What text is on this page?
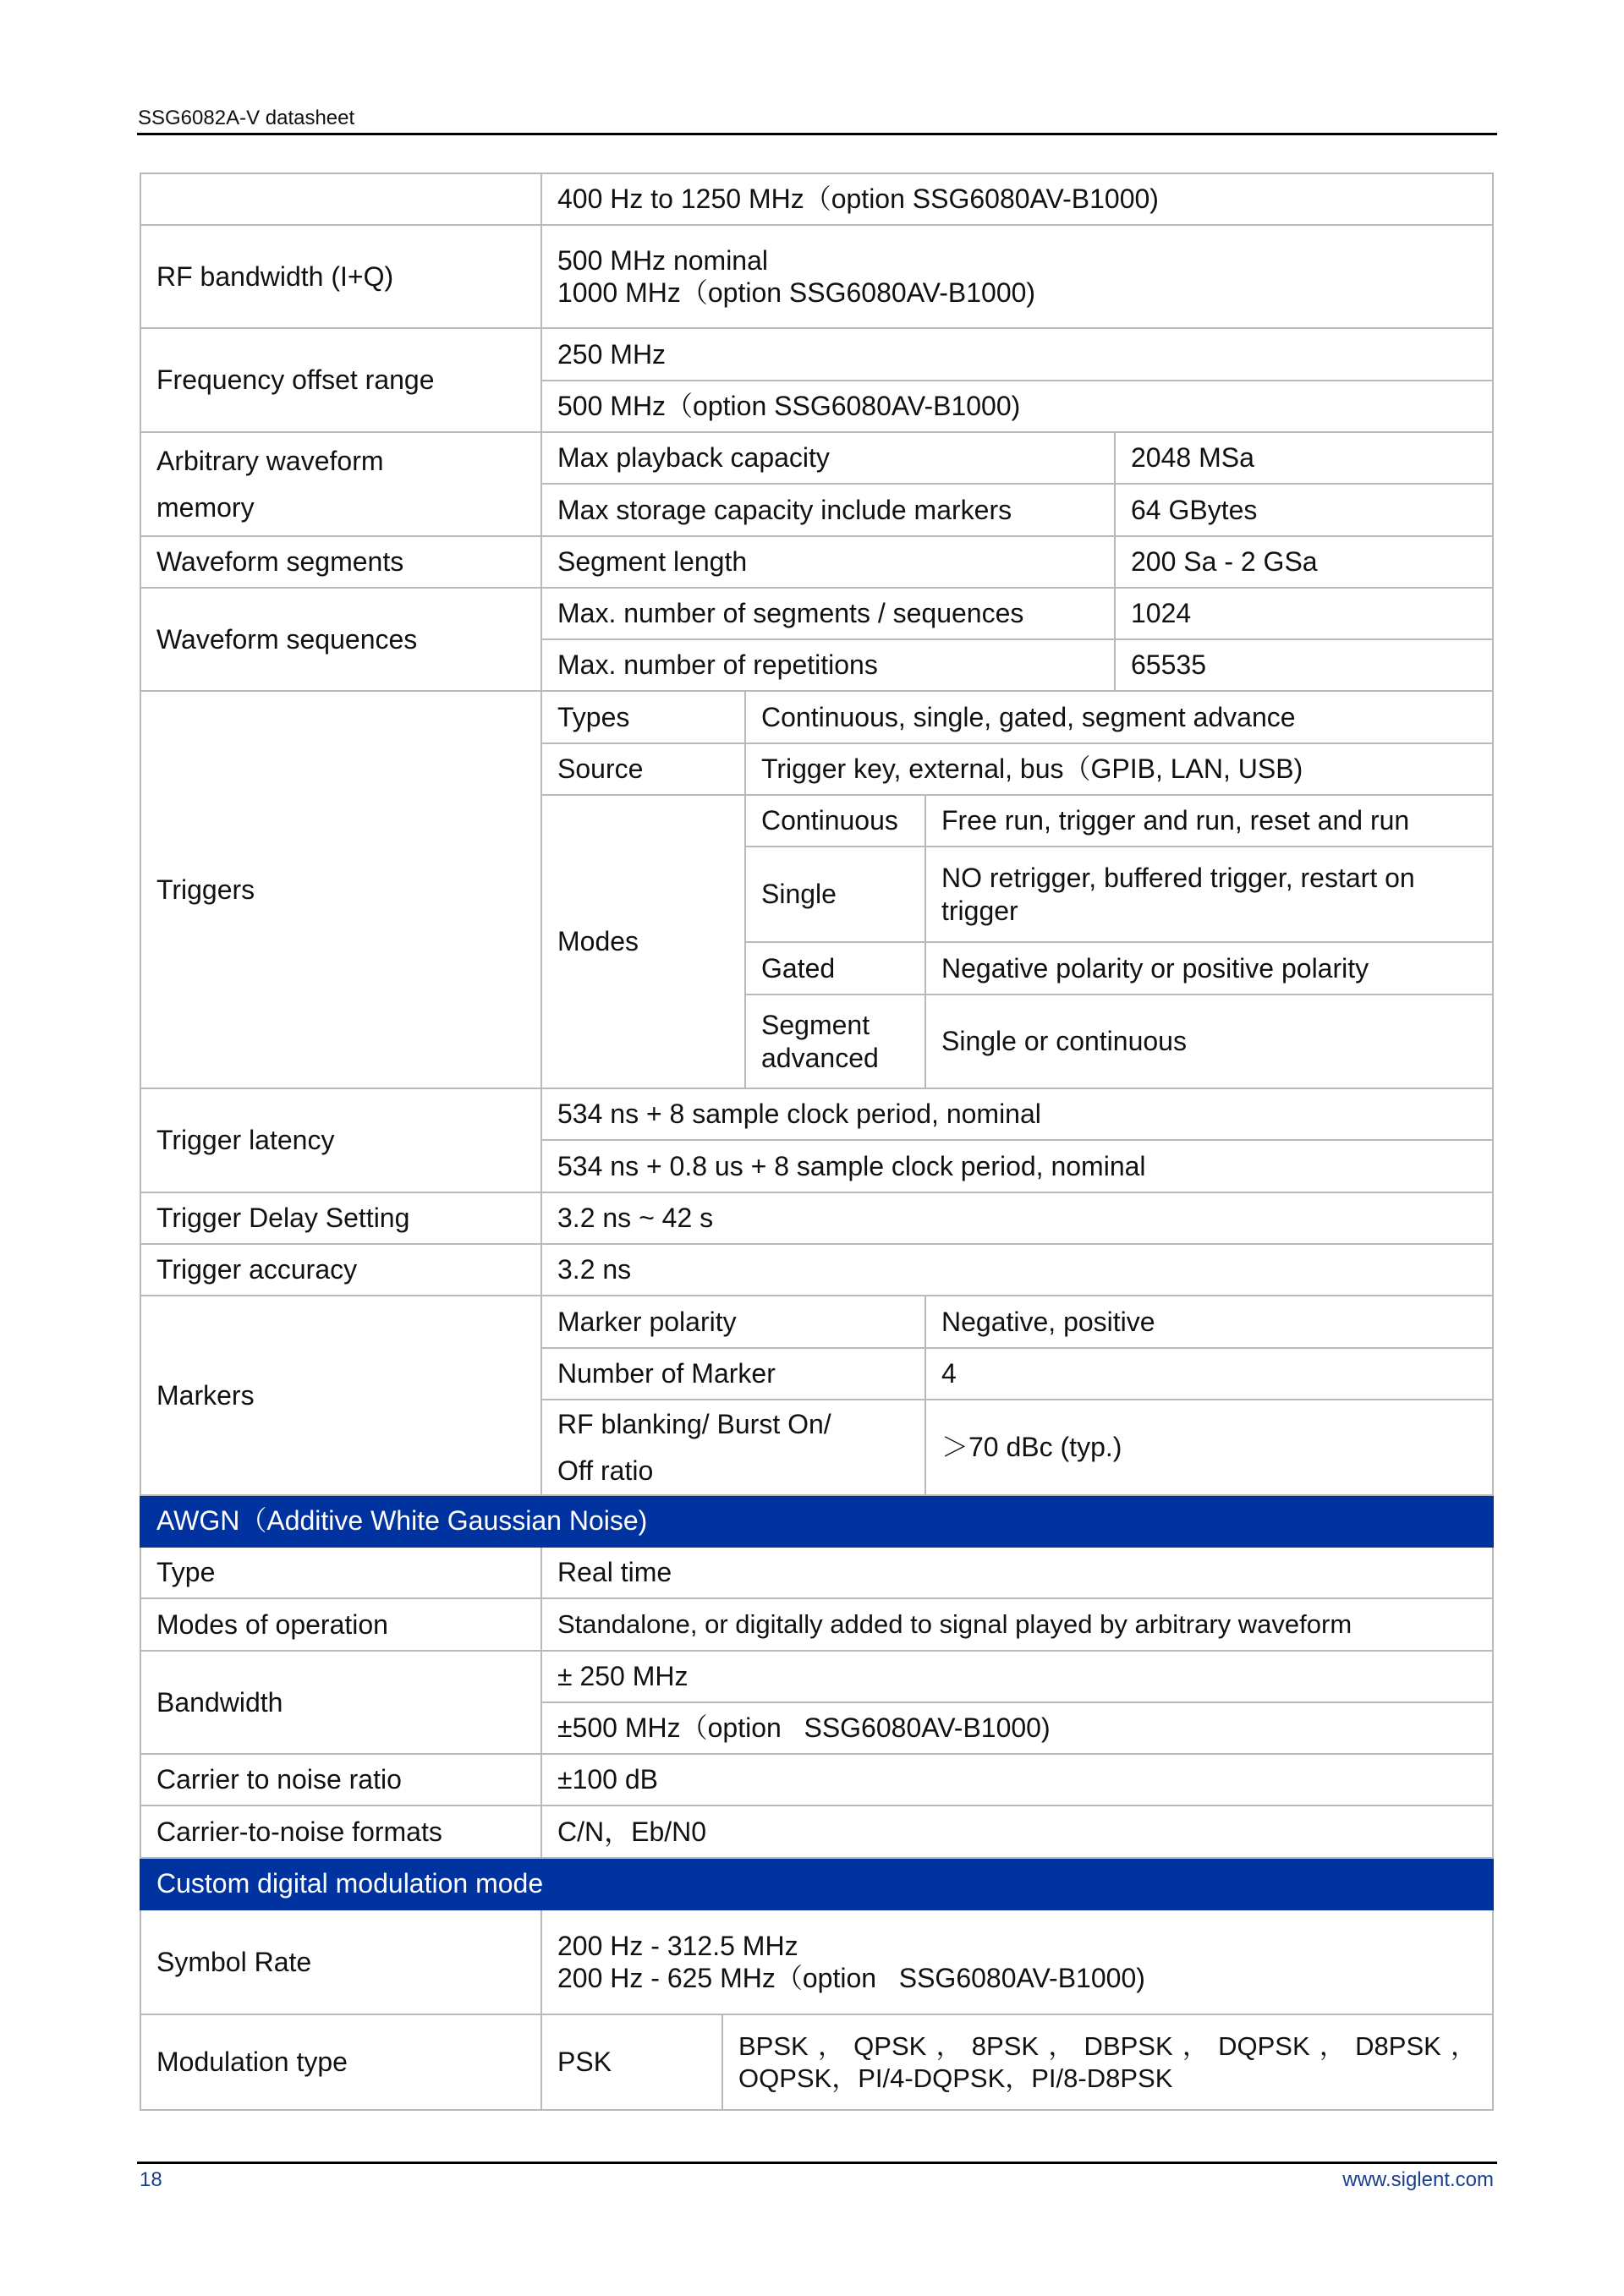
SSG6082A-V datasheet
	400 Hz to 1250 MHz（option SSG6080AV-B1000)				
RF bandwidth (I+Q)	500 MHz nominal
1000 MHz（option SSG6080AV-B1000)				

Frequency offset range	250 MHz				
	500 MHz（option SSG6080AV-B1000)				

Arbitrary waveform memory	Max playback capacity				2048 MSa
	Max storage capacity include markers				64 GBytes
Waveform segments	Segment length				200 Sa - 2 GSa
Waveform sequences	Max. number of segments / sequences				1024
	Max. number of repetitions				65535
Triggers	Types		Continuous, single, gated, segment advance		
	Source		Trigger key, external, bus（GPIB, LAN, USB)		
	Modes		Continuous	Free run, trigger and run, reset and run	
			Single	NO retrigger, buffered trigger, restart on trigger	
			Gated	Negative polarity or positive polarity	
			Segment advanced	Single or continuous	
Trigger latency	534 ns + 8 sample clock period, nominal				
	534 ns + 0.8 us + 8 sample clock period, nominal				
Trigger Delay Setting	3.2 ns ~ 42 s				
Trigger accuracy	3.2 ns				
Markers	Marker polarity			Negative, positive	
	Number of Marker			4	

	RF blanking/ Burst On/ Off ratio			＞70 dBc (typ.)	
AWGN（Additive White Gaussian Noise)					
Type	Real time				
Modes of operation	Standalone, or digitally added to signal played by arbitrary waveform				
Bandwidth	± 250 MHz				
	±500 MHz（option   SSG6080AV-B1000)				
Carrier to noise ratio	±100 dB				
Carrier-to-noise formats	C/N，Eb/N0				
Custom digital modulation mode					
Symbol Rate	200 Hz - 312.5 MHz
200 Hz - 625 MHz（option   SSG6080AV-B1000)				

Modulation type	PSK	BPSK，QPSK，8PSK，DBPSK，DQPSK，D8PSK，OQPSK，PI/4-DQPSK，PI/8-D8PSK			
18	www.siglent.com
